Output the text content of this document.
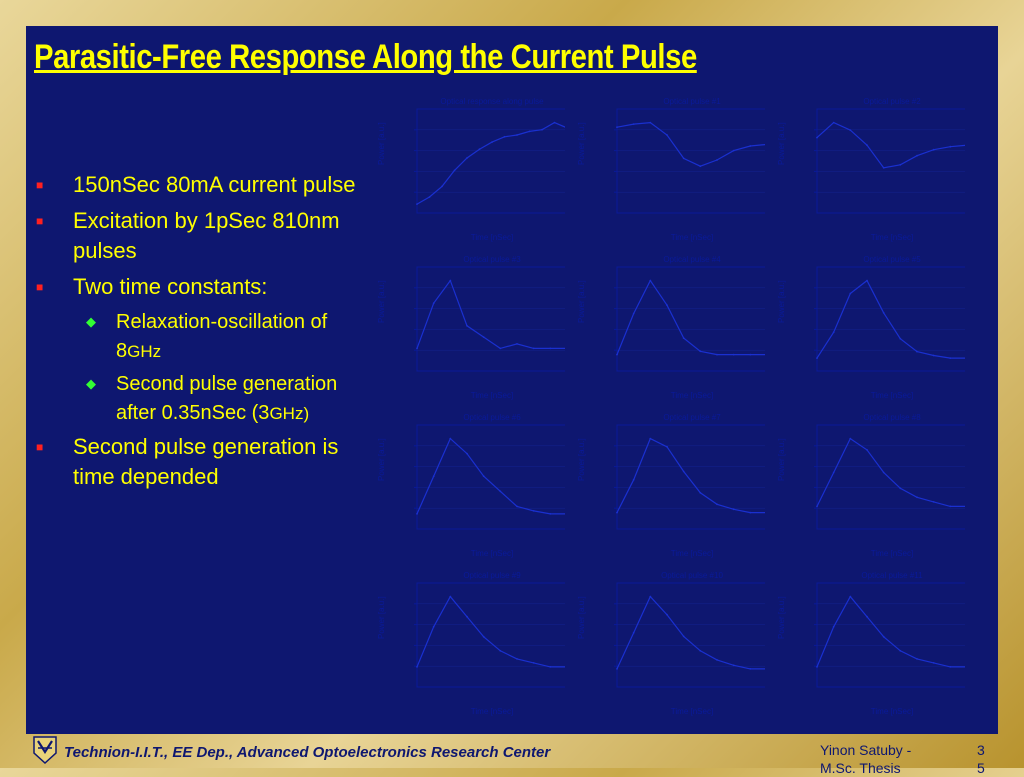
Parasitic-Free Response Along the Current Pulse
■ 150nSec 80mA current pulse
■ Excitation by 1pSec 810nm pulses
■ Two time constants:
◆ Relaxation-oscillation of 8GHz
◆ Second pulse generation after 0.35nSec (3GHz)
■ Second pulse generation is time depended
Optical response along pulse
Power [a.u.]
Time [nSec]
Optical pulse #1
Power [a.u.]
Time [nSec]
Optical pulse #2
Power [a.u.]
Time [nSec]
Optical pulse #3
Power [a.u.]
Time [nSec]
Optical pulse #4
Power [a.u.]
Time [nSec]
Optical pulse #5
Power [a.u.]
Time [nSec]
Optical pulse #6
Power [a.u.]
Time [nSec]
Optical pulse #7
Power [a.u.]
Time [nSec]
Optical pulse #8
Power [a.u.]
Time [nSec]
Optical pulse #9
Power [a.u.]
Time [nSec]
Optical pulse #10
Power [a.u.]
Time [nSec]
Optical pulse #11
Power [a.u.]
Time [nSec]
Technion-I.I.T., EE Dep., Advanced Optoelectronics Research Center	Yinon Satuby -
M.Sc. Thesis
3
5
